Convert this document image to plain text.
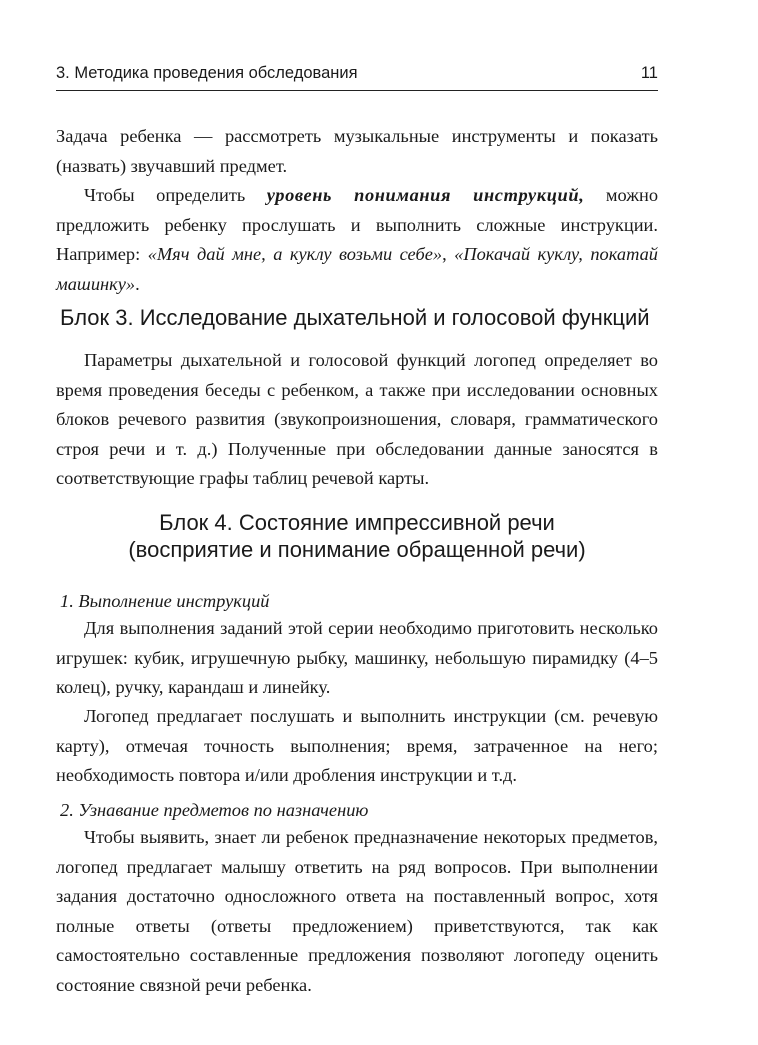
3. Методика проведения обследования	11

Задача ребенка — рассмотреть музыкальные инструменты и показать (назвать) звучавший предмет.

Чтобы определить уровень понимания инструкций, можно предложить ребенку прослушать и выполнить сложные инструкции. Например: «Мяч дай мне, а куклу возьми себе», «Покачай куклу, покатай машинку».

Блок 3. Исследование дыхательной и голосовой функций

Параметры дыхательной и голосовой функций логопед определяет во время проведения беседы с ребенком, а также при исследовании основных блоков речевого развития (звукопроизношения, словаря, грамматического строя речи и т. д.) Полученные при обследовании данные заносятся в соответствующие графы таблиц речевой карты.

Блок 4. Состояние импрессивной речи
(восприятие и понимание обращенной речи)
1. Выполнение инструкций

Для выполнения заданий этой серии необходимо приготовить несколько игрушек: кубик, игрушечную рыбку, машинку, небольшую пирамидку (4–5 колец), ручку, карандаш и линейку.

Логопед предлагает послушать и выполнить инструкции (см. речевую карту), отмечая точность выполнения; время, затраченное на него; необходимость повтора и/или дробления инструкции и т.д.

2. Узнавание предметов по назначению

Чтобы выявить, знает ли ребенок предназначение некоторых предметов, логопед предлагает малышу ответить на ряд вопросов. При выполнении задания достаточно односложного ответа на поставленный вопрос, хотя полные ответы (ответы предложением) приветствуются, так как самостоятельно составленные предложения позволяют логопеду оценить состояние связной речи ребенка.
